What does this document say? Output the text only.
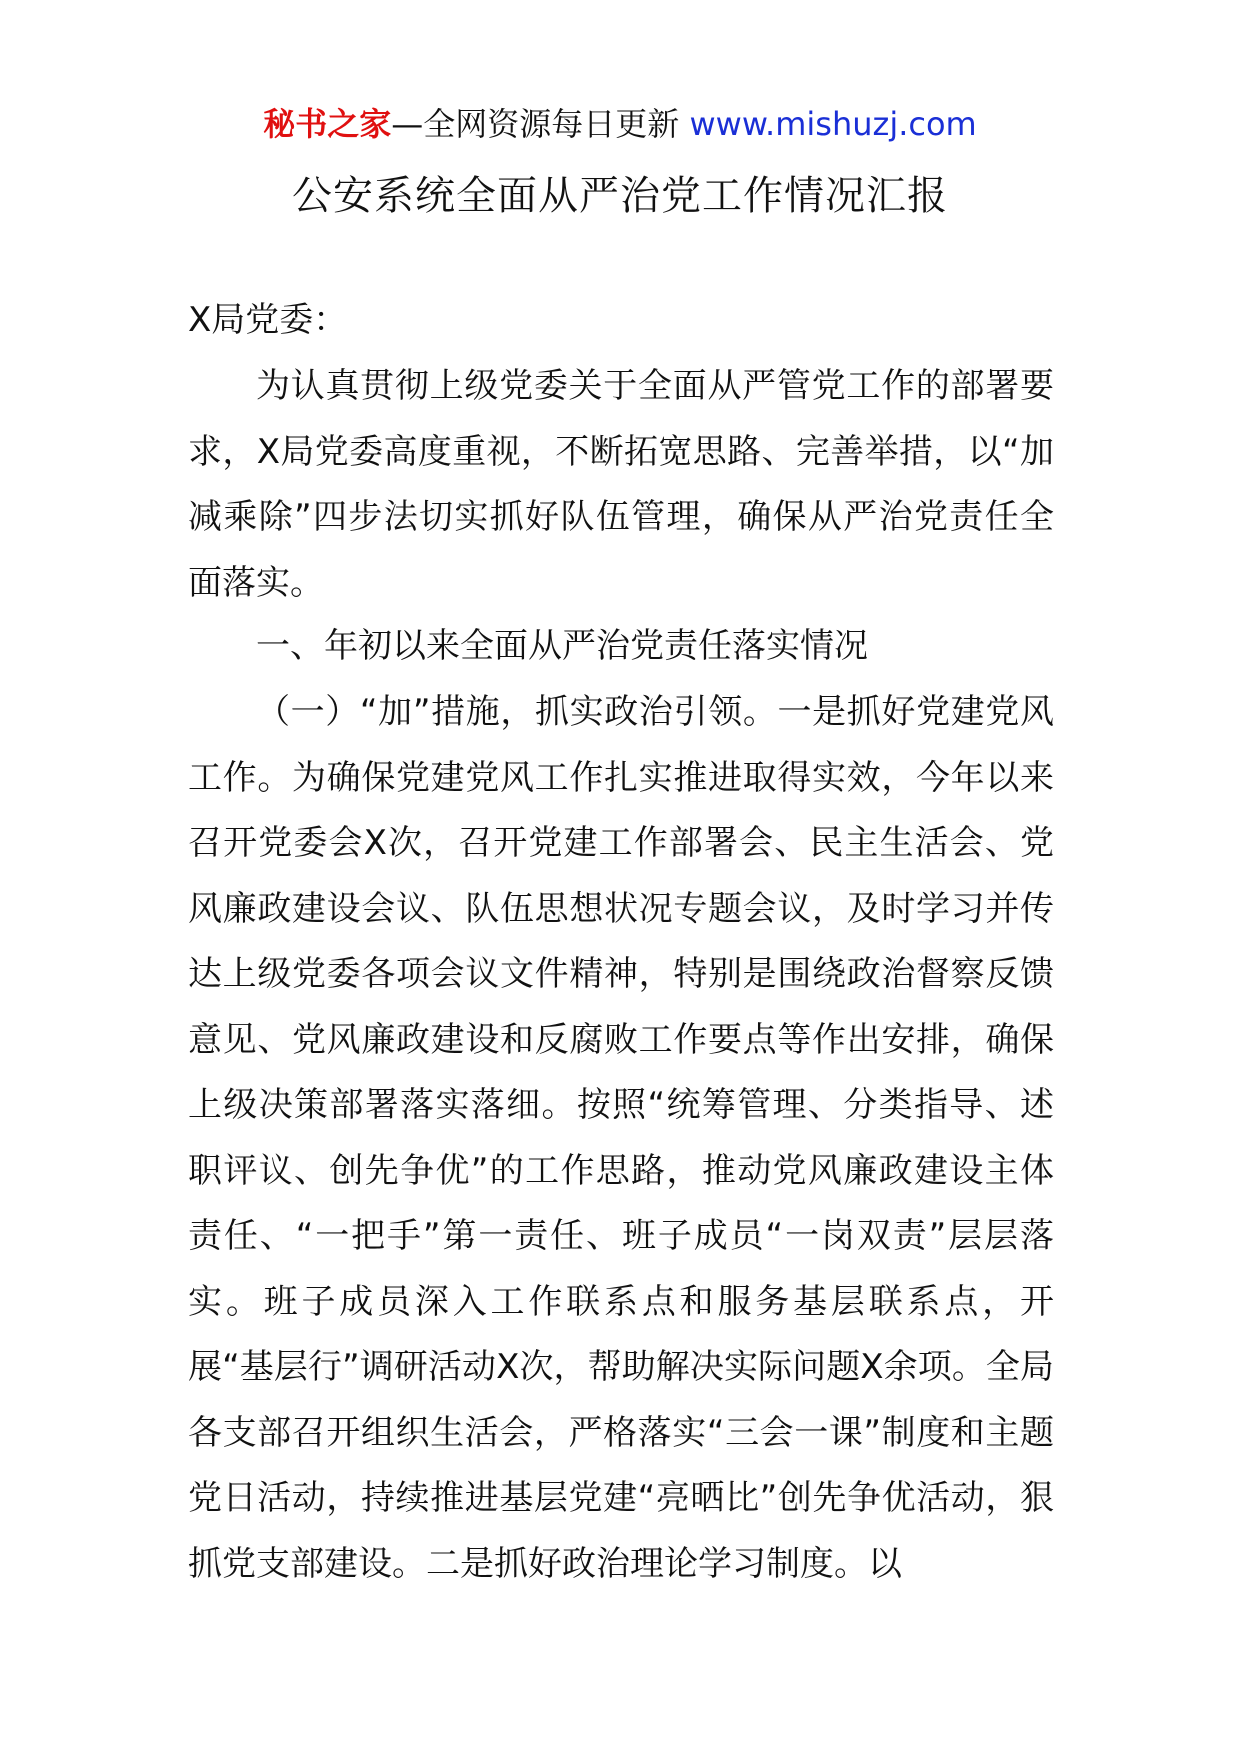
秘书之家—全网资源每日更新 www.mishuzj.com
公安系统全面从严治党工作情况汇报
X局党委：

为认真贯彻上级党委关于全面从严管党工作的部署要求，X局党委高度重视，不断拓宽思路、完善举措，以“加减乘除”四步法切实抓好队伍管理，确保从严治党责任全面落实。

一、年初以来全面从严治党责任落实情况

（一）“加”措施，抓实政治引领。一是抓好党建党风工作。为确保党建党风工作扎实推进取得实效，今年以来召开党委会X次，召开党建工作部署会、民主生活会、党风廉政建设会议、队伍思想状况专题会议，及时学习并传达上级党委各项会议文件精神，特别是围绕政治督察反馈意见、党风廉政建设和反腐败工作要点等作出安排，确保上级决策部署落实落细。按照“统筹管理、分类指导、述职评议、创先争优”的工作思路，推动党风廉政建设主体责任、“一把手”第一责任、班子成员“一岗双责”层层落实。班子成员深入工作联系点和服务基层联系点，开展“基层行”调研活动X次，帮助解决实际问题X余项。全局各支部召开组织生活会，严格落实“三会一课”制度和主题党日活动，持续推进基层党建“亮晒比”创先争优活动，狠抓党支部建设。二是抓好政治理论学习制度。以
